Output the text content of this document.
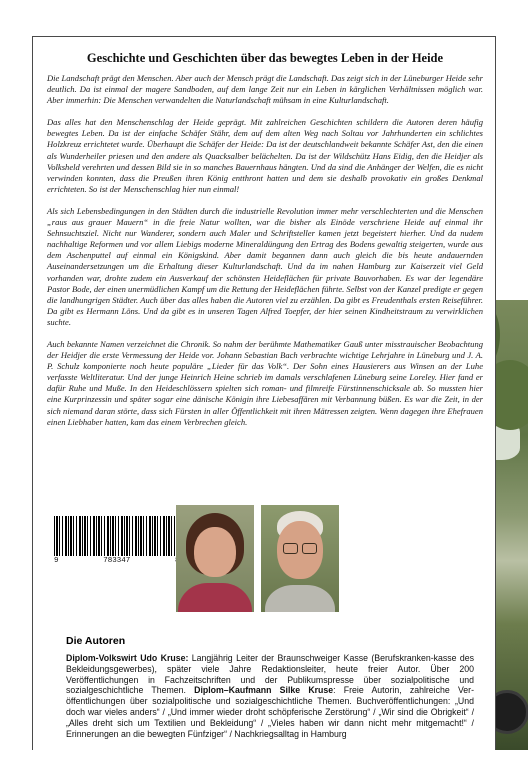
Geschichte und Geschichten über das bewegtes Leben in der Heide

Die Landschaft prägt den Menschen. Aber auch der Mensch prägt die Landschaft. Das zeigt sich in der Lüneburger Heide sehr deutlich. Da ist einmal der magere Sandboden, auf dem lange Zeit nur ein Leben in kärglichen Verhältnissen möglich war. Aber immerhin: Die Menschen verwandelten die Naturlandschaft mühsam in eine Kulturlandschaft.

Das alles hat den Menschenschlag der Heide geprägt. Mit zahlreichen Geschichten schildern die Autoren deren häufig bewegtes Leben. Da ist der einfache Schäfer Stähr, dem auf dem alten Weg nach Soltau vor Jahrhunderten ein schlichtes Holzkreuz errichtetet wurde. Überhaupt die Schäfer der Heide: Da ist der deutschlandweit bekannte Schäfer Ast, den die einen als Wunderheiler priesen und den andere als Quacksalber belächelten. Da ist der Wildschütz Hans Eidig, den die Heidjer als Volksheld verehrten und dessen Bild sie in so manches Bauernhaus hängten. Und da sind die Anhänger der Welfen, die es nicht verwinden konnten, dass die Preußen ihren König entthront hatten und dem sie deshalb provokativ ein großes Denkmal errichteten. So ist der Menschenschlag hier nun einmal!

Als sich Lebensbedingungen in den Städten durch die industrielle Revolution immer mehr verschlechterten und die Menschen „raus aus grauer Mauern“ in die freie Natur wollten, war die bisher als Einöde verschriene Heide auf einmal ihr Sehnsuchtsziel. Nicht nur Wanderer, sondern auch Maler und Schriftsteller kamen jetzt begeistert hierher. Und da nudem nachhaltige Reformen und vor allem Liebigs moderne Mineraldüngung den Ertrag des Bodens gewaltig steigerten, wurde aus dem Aschenputtel auf einmal ein Königskind. Aber damit begannen dann auch gleich die bis heute andauernden Auseinandersetzungen um die Erhaltung dieser Kulturlandschaft. Und da im nahen Hamburg zur Kaiserzeit viel Geld vorhanden war, drohte zudem ein Ausverkauf der schönsten Heideflächen für private Bauvorhaben. Es war der legendäre Pastor Bode, der einen unermüdlichen Kampf um die Rettung der Heideflächen führte. Selbst von der Kanzel predigte er gegen die landhungrigen Städter. Auch über das alles haben die Autoren viel zu erzählen. Da gibt es Freudenthals ersten Reiseführer. Da gibt es Hermann Löns. Und da gibt es in unseren Tagen Alfred Toepfer, der hier seinen Kindheitstraum zu verwirklichen suchte.

Auch bekannte Namen verzeichnet die Chronik. So nahm der berühmte Mathematiker Gauß unter misstrauischer Beobachtung der Heidjer die erste Vermessung der Heide vor. Johann Sebastian Bach verbrachte wichtige Lehrjahre in Lüneburg und J. A. P. Schulz komponierte noch heute populäre „Lieder für das Volk“. Der Sohn eines Hausierers aus Winsen an der Luhe verfasste Weltliteratur. Und der junge Heinrich Heine schrieb im damals verschlafenen Lüneburg seine Loreley. Hier fand er dafür Ruhe und Muße. In den Heideschlössern spielten sich roman- und filmreife Fürstinnenschicksale ab. So mussten hier eine Kurprinzessin und später sogar eine dänische Königin ihre Liebesaffären mit Verbannung büßen. Es war die Zeit, in der sich niemand daran störte, dass sich Fürsten in aller Öffentlichkeit mit ihren Mätressen zeigten. Wenn dagegen ihre Ehefrauen einen Liebhaber hatten, kam das einem Verbrechen gleich.

9	783347
Die Autoren

Diplom-Volkswirt Udo Kruse: Langjährig Leiter der Braunschweiger Kasse (Berufskranken-kasse des Bekleidungsgewerbes), später viele Jahre Redaktionsleiter, heute freier Autor. Über 200 Veröffentlichungen in Fachzeitschriften und der Publikumspresse über sozialpolitische und sozialgeschichtliche Themen. Diplom–Kaufmann Silke Kruse: Freie Autorin, zahlreiche Ver-öffentlichungen über sozialpolitische und sozialgeschichtliche Themen. Buchveröffentlichungen: „Und doch war vieles anders“ / „Und immer wieder droht schöpferische Zerstörung“ / „Wir sind die Obrigkeit“ / „Alles dreht sich um Textilien und Bekleidung“ / „Vieles haben wir dann nicht mehr mitgemacht!“ / Erinnerungen an die bewegten Fünfziger“ / Nachkriegsalltag in Hamburg
